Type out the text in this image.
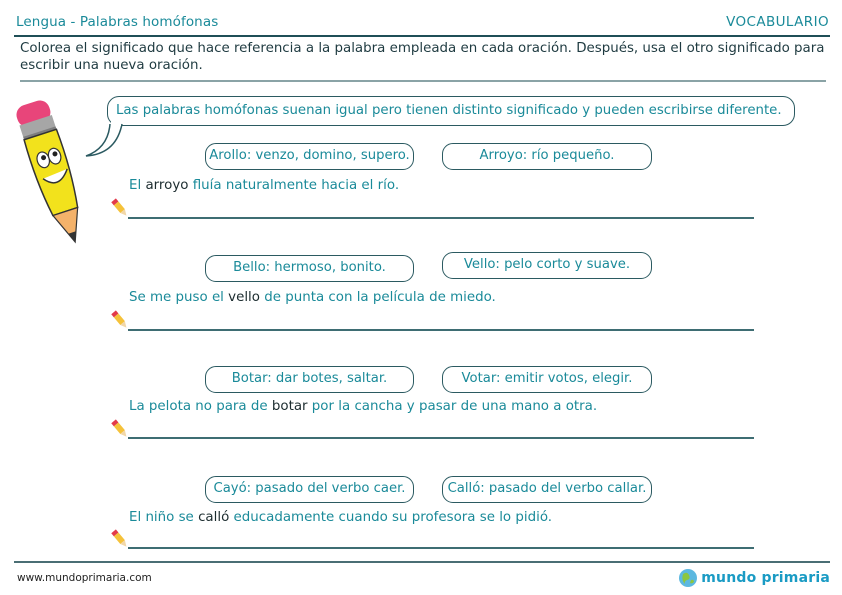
Lengua - Palabras homófonas	VOCABULARIO
Colorea el significado que hace referencia a la palabra empleada en cada oración. Después, usa el otro significado para escribir una nueva oración.
Las palabras homófonas suenan igual pero tienen distinto significado y pueden escribirse diferente.
Arollo: venzo, domino, supero.	Arroyo: río pequeño.
El arroyo fluía naturalmente hacia el río.
Bello: hermoso, bonito.	Vello: pelo corto y suave.
Se me puso el vello de punta con la película de miedo.
Botar: dar botes, saltar.	Votar: emitir votos, elegir.
La pelota no para de botar por la cancha y pasar de una mano a otra.
Cayó: pasado del verbo caer.	Calló: pasado del verbo callar.
El niño se calló educadamente cuando su profesora se lo pidió.
www.mundoprimaria.com	mundo primaria
